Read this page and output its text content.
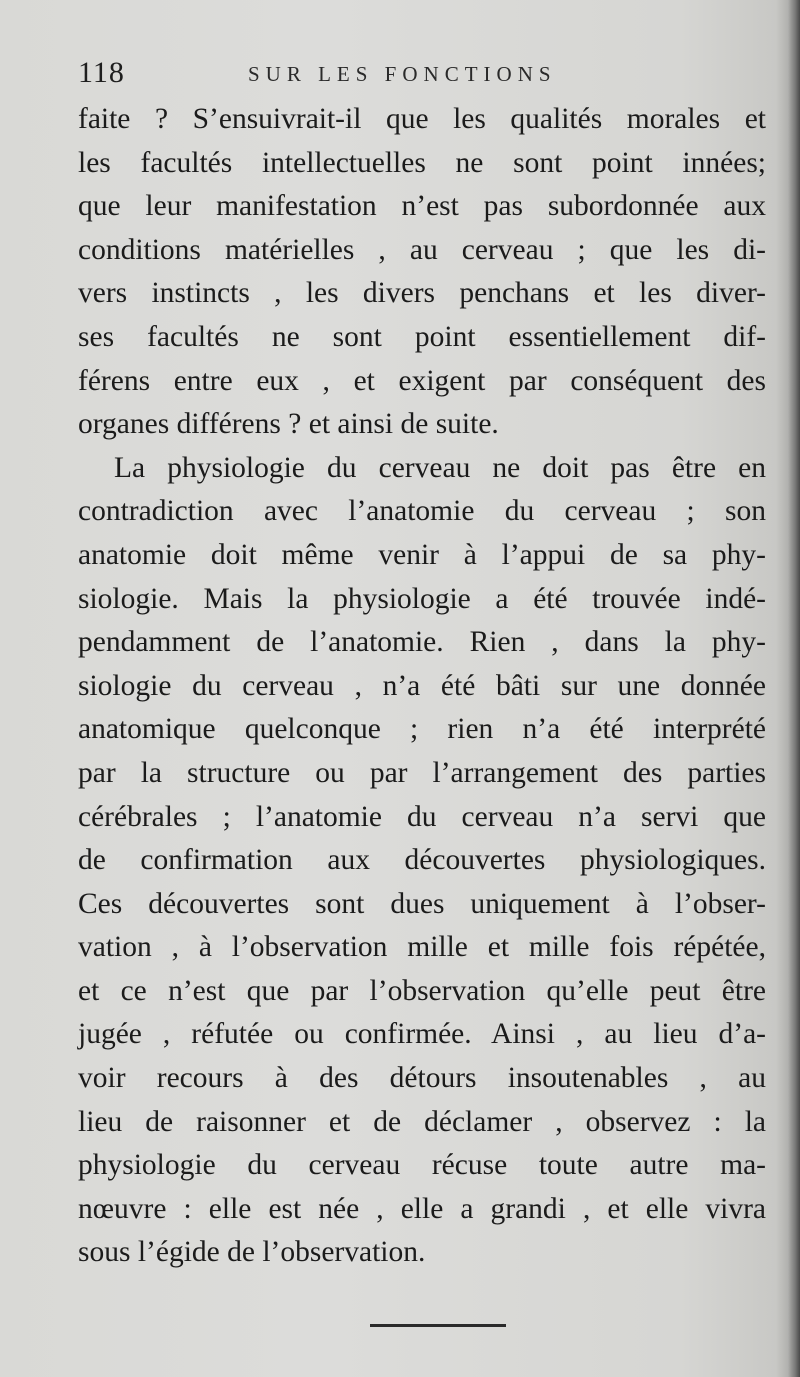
118	SUR LES FONCTIONS
faite ? S’ensuivrait-il que les qualités morales et
les facultés intellectuelles ne sont point innées;
que leur manifestation n’est pas subordonnée aux
conditions matérielles , au cerveau ; que les di-
vers instincts , les divers penchans et les diver-
ses facultés ne sont point essentiellement dif-
férens entre eux , et exigent par conséquent des
organes différens ? et ainsi de suite.
La physiologie du cerveau ne doit pas être en
contradiction avec l’anatomie du cerveau ; son
anatomie doit même venir à l’appui de sa phy-
siologie. Mais la physiologie a été trouvée indé-
pendamment de l’anatomie. Rien , dans la phy-
siologie du cerveau , n’a été bâti sur une donnée
anatomique quelconque ; rien n’a été interprété
par la structure ou par l’arrangement des parties
cérébrales ; l’anatomie du cerveau n’a servi que
de confirmation aux découvertes physiologiques.
Ces découvertes sont dues uniquement à l’obser-
vation , à l’observation mille et mille fois répétée,
et ce n’est que par l’observation qu’elle peut être
jugée , réfutée ou confirmée. Ainsi , au lieu d’a-
voir recours à des détours insoutenables , au
lieu de raisonner et de déclamer , observez : la
physiologie du cerveau récuse toute autre ma-
nœuvre : elle est née , elle a grandi , et elle vivra
sous l’égide de l’observation.
